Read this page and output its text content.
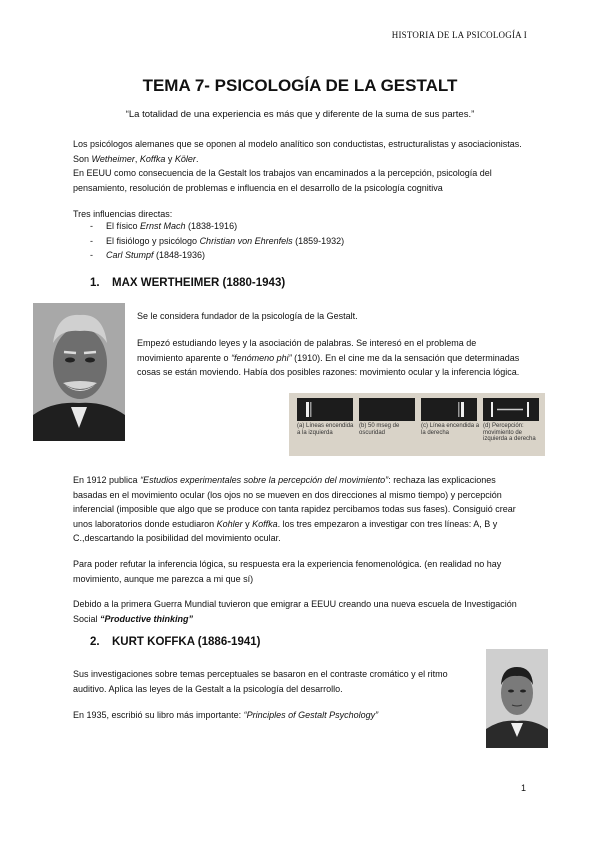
HISTORIA DE LA PSICOLOGÍA I
TEMA 7- PSICOLOGÍA DE LA GESTALT
“La totalidad de una experiencia es más que y diferente de la suma de sus partes.”
Los psicólogos alemanes que se oponen al modelo analítico son conductistas, estructuralistas y asociacionistas. Son Wetheimer, Koffka y Köler.
En EEUU como consecuencia de la Gestalt los trabajos van encaminados a la percepción, psicología del pensamiento, resolución de problemas e influencia en el desarrollo de la psicología cognitiva
Tres influencias directas:
- El físico Ernst Mach (1838-1916)
- El fisiólogo y psicólogo Christian von Ehrenfels (1859-1932)
- Carl Stumpf (1848-1936)
1. MAX WERTHEIMER (1880-1943)
Se le considera fundador de la psicología de la Gestalt.
Empezó estudiando leyes y la asociación de palabras. Se interesó en el problema de movimiento aparente o “fenómeno phi” (1910). En el cine me da la sensación que determinadas cosas se están moviendo. Había dos posibles razones: movimiento ocular y la inferencia lógica.
(a) Líneas encendida a la izquierda
(b) 50 mseg de oscuridad
(c) Línea encendida a la derecha
(d) Percepción: movimiento de izquierda a derecha
En 1912 publica “Estudios experimentales sobre la percepción del movimiento”: rechaza las explicaciones basadas en el movimiento ocular (los ojos no se mueven en dos direcciones al mismo tiempo) y percepción inferencial (imposible que algo que se produce con tanta rapidez percibamos todas sus fases). Consiguió crear unos laboratorios donde estudiaron Kohler y Koffka. los tres empezaron a investigar con tres líneas: A, B y C.,descartando la posibilidad del movimiento ocular.
Para poder refutar la inferencia lógica, su respuesta era la experiencia fenomenológica. (en realidad no hay movimiento, aunque me parezca a mi que sí)
Debido a la primera Guerra Mundial tuvieron que emigrar a EEUU creando una nueva escuela de Investigación Social “Productive thinking”
2. KURT KOFFKA (1886-1941)
Sus investigaciones sobre temas perceptuales se basaron en el contraste cromático y el ritmo auditivo. Aplica las leyes de la Gestalt a la psicología del desarrollo.
En 1935, escribió su libro más importante: “Principles of Gestalt Psychology”
1
